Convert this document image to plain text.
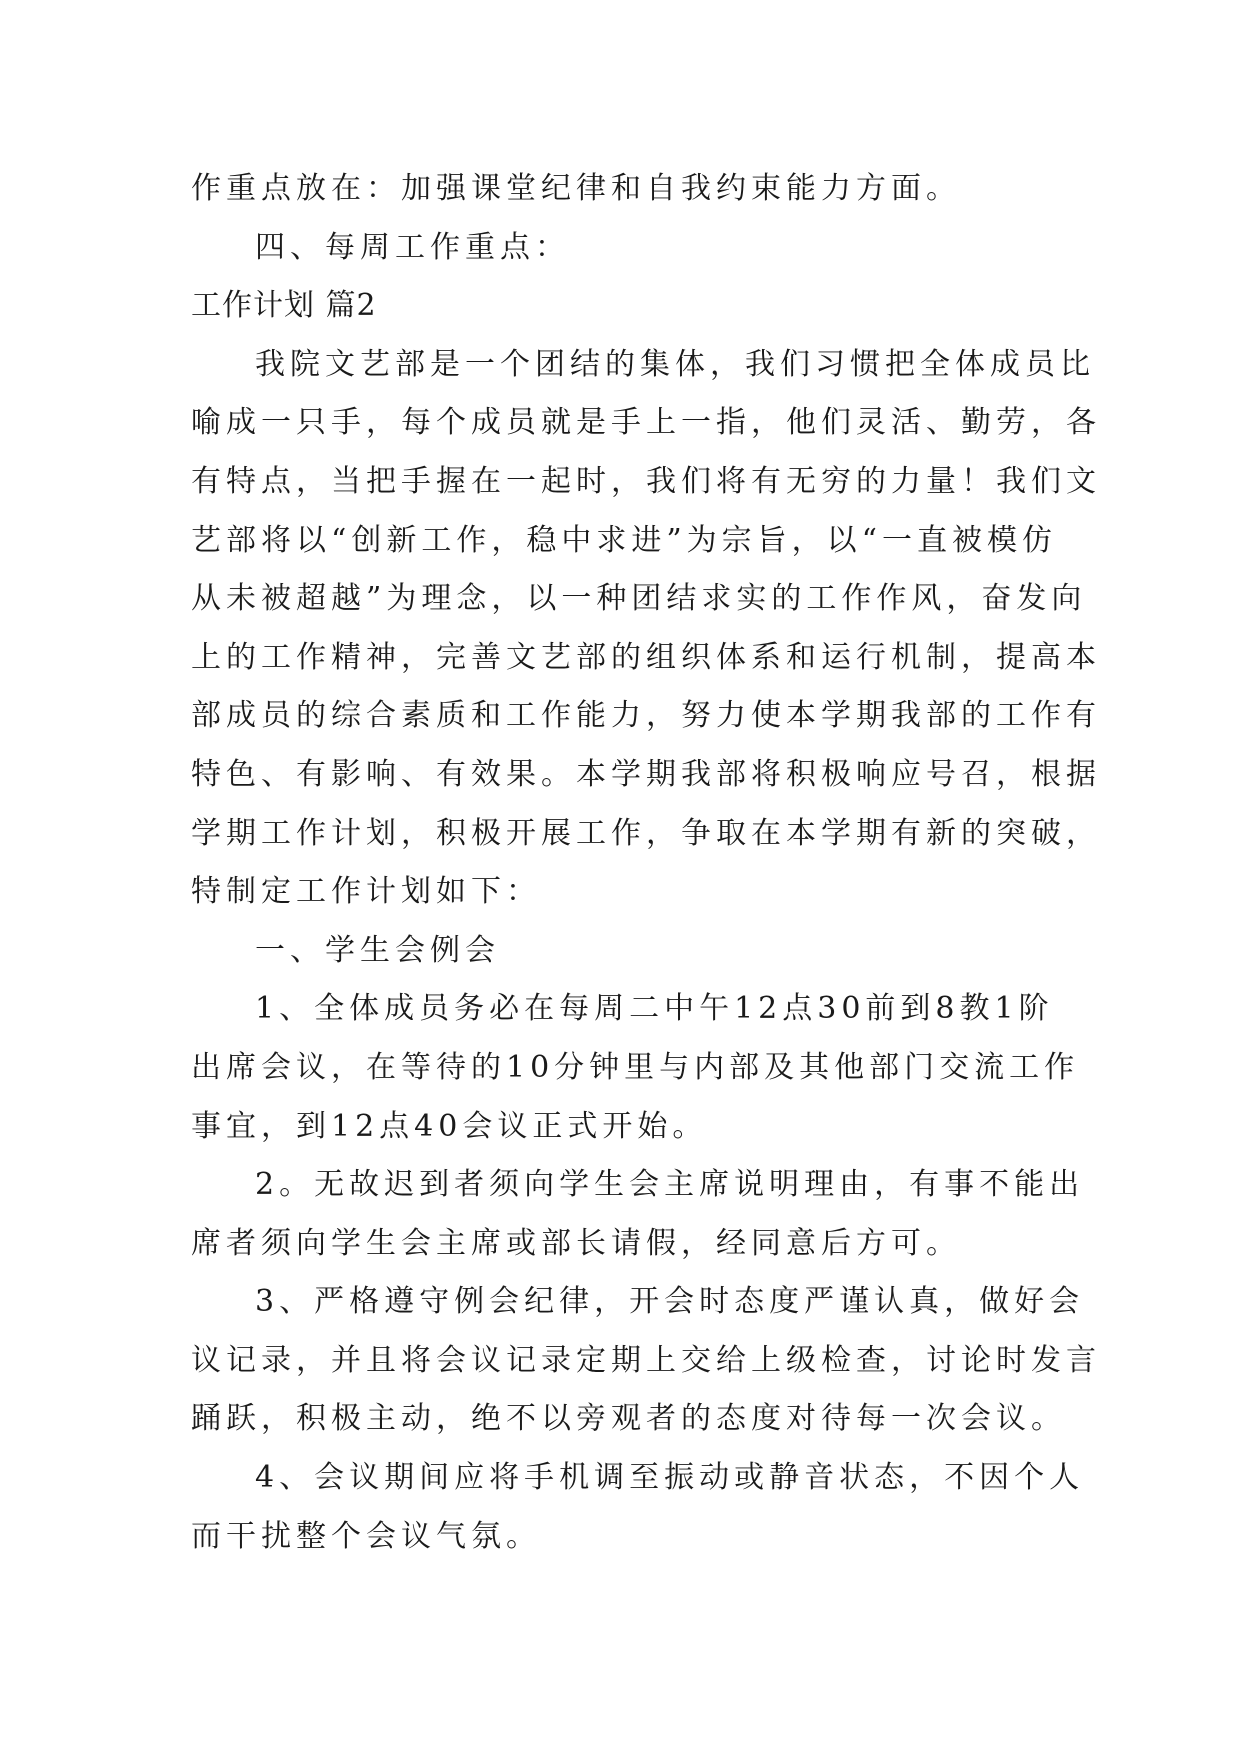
作重点放在：加强课堂纪律和自我约束能力方面。
四、每周工作重点：
工作计划 篇2
我院文艺部是一个团结的集体，我们习惯把全体成员比
喻成一只手，每个成员就是手上一指，他们灵活、勤劳，各
有特点，当把手握在一起时，我们将有无穷的力量！我们文
艺部将以“创新工作，稳中求进”为宗旨，以“一直被模仿
从未被超越”为理念，以一种团结求实的工作作风，奋发向
上的工作精神，完善文艺部的组织体系和运行机制，提高本
部成员的综合素质和工作能力，努力使本学期我部的工作有
特色、有影响、有效果。本学期我部将积极响应号召，根据
学期工作计划，积极开展工作，争取在本学期有新的突破，
特制定工作计划如下：
一、学生会例会
1、全体成员务必在每周二中午12点30前到8教1阶
出席会议，在等待的10分钟里与内部及其他部门交流工作
事宜，到12点40会议正式开始。
2。无故迟到者须向学生会主席说明理由，有事不能出
席者须向学生会主席或部长请假，经同意后方可。
3、严格遵守例会纪律，开会时态度严谨认真，做好会
议记录，并且将会议记录定期上交给上级检查，讨论时发言
踊跃，积极主动，绝不以旁观者的态度对待每一次会议。
4、会议期间应将手机调至振动或静音状态，不因个人
而干扰整个会议气氛。
